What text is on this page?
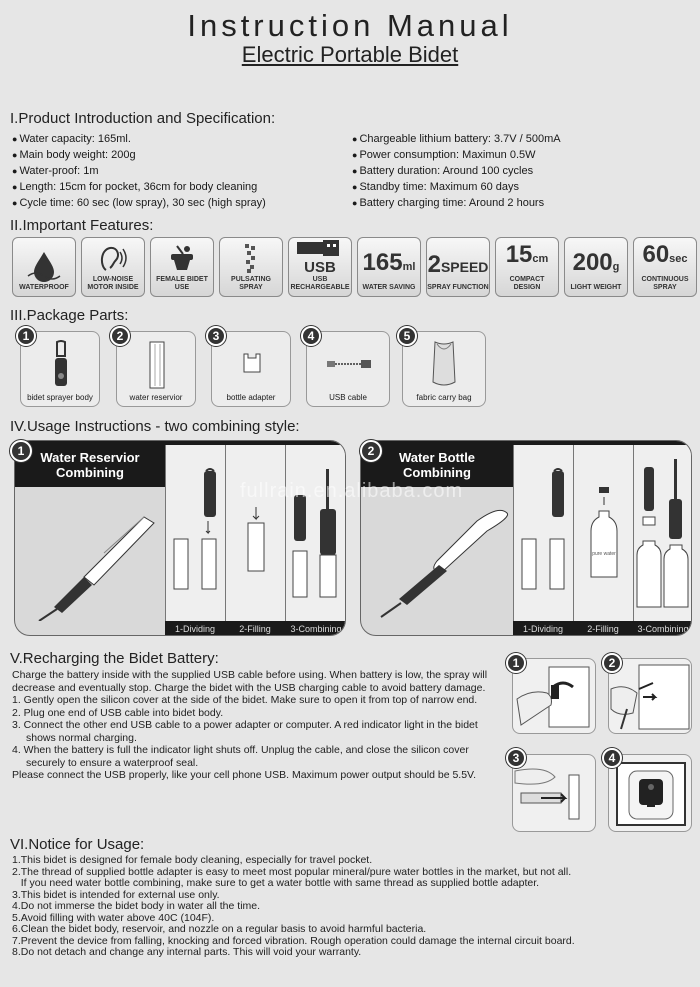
Instruction Manual
Electric Portable Bidet
I.Product Introduction and Specification:
● Water capacity: 165ml.
● Main body weight: 200g
● Water-proof: 1m
● Length: 15cm for pocket, 36cm for body cleaning
● Cycle time: 60 sec (low spray), 30 sec (high spray)
● Chargeable lithium battery: 3.7V / 500mA
● Power consumption: Maximun 0.5W
● Battery duration: Around 100 cycles
● Standby time: Maximum 60 days
● Battery charging time: Around 2 hours
II.Important Features:
WATERPROOF
LOW-NOISE MOTOR INSIDE
FEMALE BIDET USE
PULSATING SPRAY
USB
USB RECHARGEABLE
165ml
WATER SAVING
2SPEED
SPRAY FUNCTION
15cm
COMPACT DESIGN
200g
LIGHT WEIGHT
60sec
CONTINUOUS SPRAY
III.Package Parts:
bidet sprayer body	water reservior	bottle adapter	USB cable	fabric carry bag
1	2	3	4	5
IV.Usage Instructions - two combining style:
Water Reservior
Combining
1-Dividing	2-Filling	3-Combining
Water Bottle
Combining
pure water
1-Dividing	2-Filling	3-Combining
1	2
fullrain.en.alibaba.com
V.Recharging the Bidet Battery:
Charge the battery inside with the supplied USB cable before using. When battery is low, the spray will decrease and eventually stop. Charge the bidet with the USB charging cable to avoid battery damage.
1. Gently open the silicon cover at the side of the bidet. Make sure to open it from top of narrow end.
2. Plug one end of USB cable into bidet body.
3. Connect the other end USB cable to a power adapter or computer. A red indicator light in the bidet shows normal charging.
4. When the battery is full the indicator light shuts off. Unplug the cable, and close the silicon cover securely to ensure a waterproof seal.
Please connect the USB properly, like your cell phone USB. Maximum power output should be 5.5V.
1	2
3	4
VI.Notice for Usage:
1.This bidet is designed for female body cleaning, especially for travel pocket.
2.The thread of supplied bottle adapter is easy to meet most popular mineral/pure water bottles in the market, but not all.
If you need water bottle combining, make sure to get a water bottle with same thread as supplied bottle adapter.
3.This bidet is intended for external use only.
4.Do not immerse the bidet body in water all the time.
5.Avoid filling with water above 40C (104F).
6.Clean the bidet body, reservoir, and nozzle on a regular basis to avoid harmful bacteria.
7.Prevent the device from falling, knocking and forced vibration. Rough operation could damage the internal circuit board.
8.Do not detach and change any internal parts. This will void your warranty.
